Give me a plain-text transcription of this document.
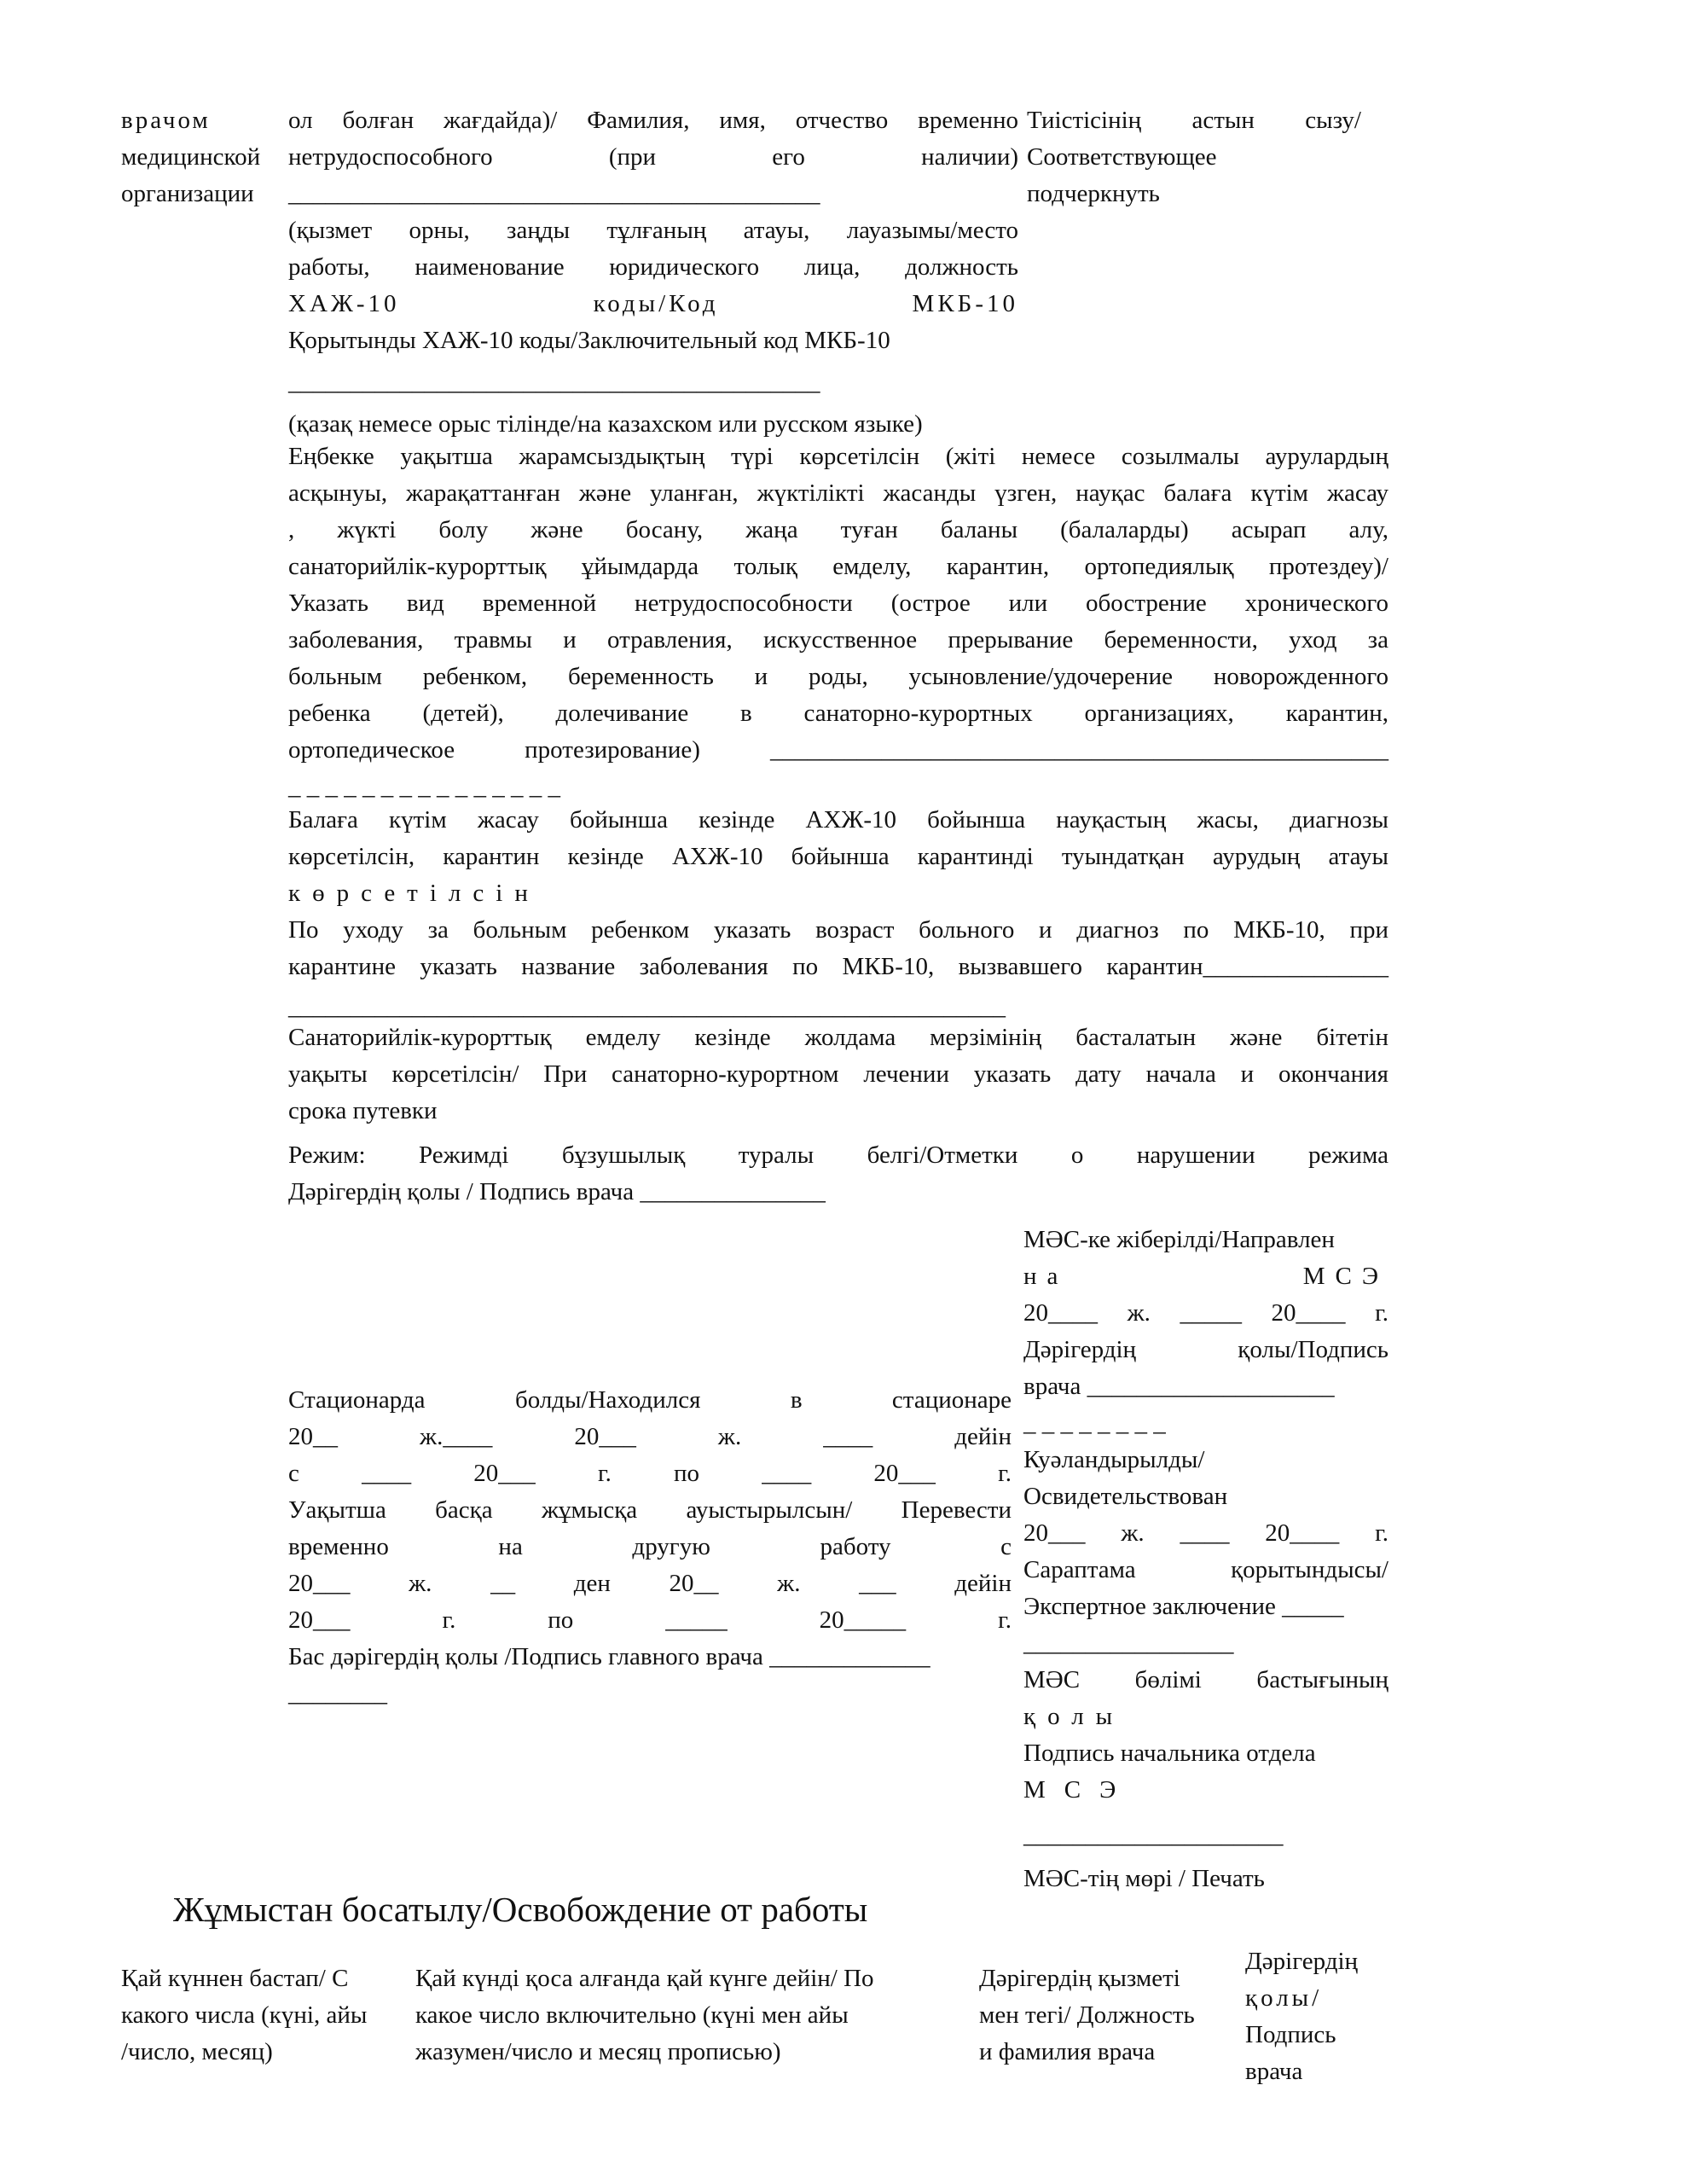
врачом
медицинской
организации
ол болған жағдайда)/ Фамилия, имя, отчество временно
нетрудоспособного (при его наличии)
___________________________________________
(қызмет орны, заңды тұлғаның атауы, лауазымы/место
работы, наименование юридического лица, должность
ХАЖ-10 коды/Код МКБ-10
Қорытынды ХАЖ-10 коды/Заключительный код МКБ-10
___________________________________________
(қазақ немесе орыс тілінде/на казахском или русском языке)
Тиістісінің астын сызу/
Соответствующее
подчеркнуть
Еңбекке уақытша жарамсыздықтың түрі көрсетілсін (жіті немесе созылмалы аурулардың
асқынуы, жарақаттанған және уланған, жүктілікті жасанды үзген, науқас балаға күтім жасау
, жүкті болу және босану, жаңа туған баланы (балаларды) асырап алу,
санаторийлік-курорттық ұйымдарда толық емделу, карантин, ортопедиялық протездеу)/
Указать вид временной нетрудоспособности (острое или обострение хронического
заболевания, травмы и отравления, искусственное прерывание беременности, уход за
больным ребенком, беременность и роды, усыновление/удочерение новорожденного
ребенка (детей), долечивание в санаторно-курортных организациях, карантин,
ортопедическое протезирование) __________________________________________________
_ _ _ _ _ _ _ _ _ _ _ _ _ _ _
Балаға күтім жасау бойынша кезінде АХЖ-10 бойынша науқастың жасы, диагнозы
көрсетілсін, карантин кезінде АХЖ-10 бойынша карантинді туындатқан аурудың атауы
көрсетілсін
По уходу за больным ребенком указать возраст больного и диагноз по МКБ-10, при
карантине указать название заболевания по МКБ-10, вызвавшего карантин_______________
__________________________________________________________
Санаторийлік-курорттық емделу кезінде жолдама мерзімінің басталатын және бітетін
уақыты көрсетілсін/ При санаторно-курортном лечении указать дату начала и окончания
срока путевки
Режим: Режимді бұзушылық туралы белгі/Отметки о нарушении режима
Дәрігердің қолы / Подпись врача _______________
МӘС-ке жіберілді/Направлен
на МСЭ
20____ ж. _____ 20____ г.
Дәрігердің қолы/Подпись
врача ____________________
_ _ _ _ _ _ _ _
Куәландырылды/
Освидетельствован
20___ ж. ____ 20____ г.
Сараптама қорытындысы/
Экспертное заключение _____
_________________
МӘС бөлімі бастығының
қолы
Подпись начальника отдела
МСЭ
_____________________
МӘС-тің мөрі / Печать
Стационарда болды/Находился в стационаре
20__ ж.____ 20___ ж. ____ дейін
с ____ 20___ г. по ____ 20___ г.
Уақытша басқа жұмысқа ауыстырылсын/ Перевести
временно на другую работу с
20___ ж. __ ден 20__ ж. ___ дейін
20___ г. по _____ 20_____ г.
Бас дәрігердің қолы /Подпись главного врача _____________
________
Жұмыстан босатылу/Освобождение от работы
Қай күннен бастап/ С
какого числа (күні, айы
/число, месяц)
Қай күнді қоса алғанда қай күнге дейін/ По
какое число включительно (күні мен айы
жазумен/число и месяц прописью)
Дәрігердің қызметі
мен тегі/ Должность
и фамилия врача
Дәрігердің
қолы/
Подпись
врача
